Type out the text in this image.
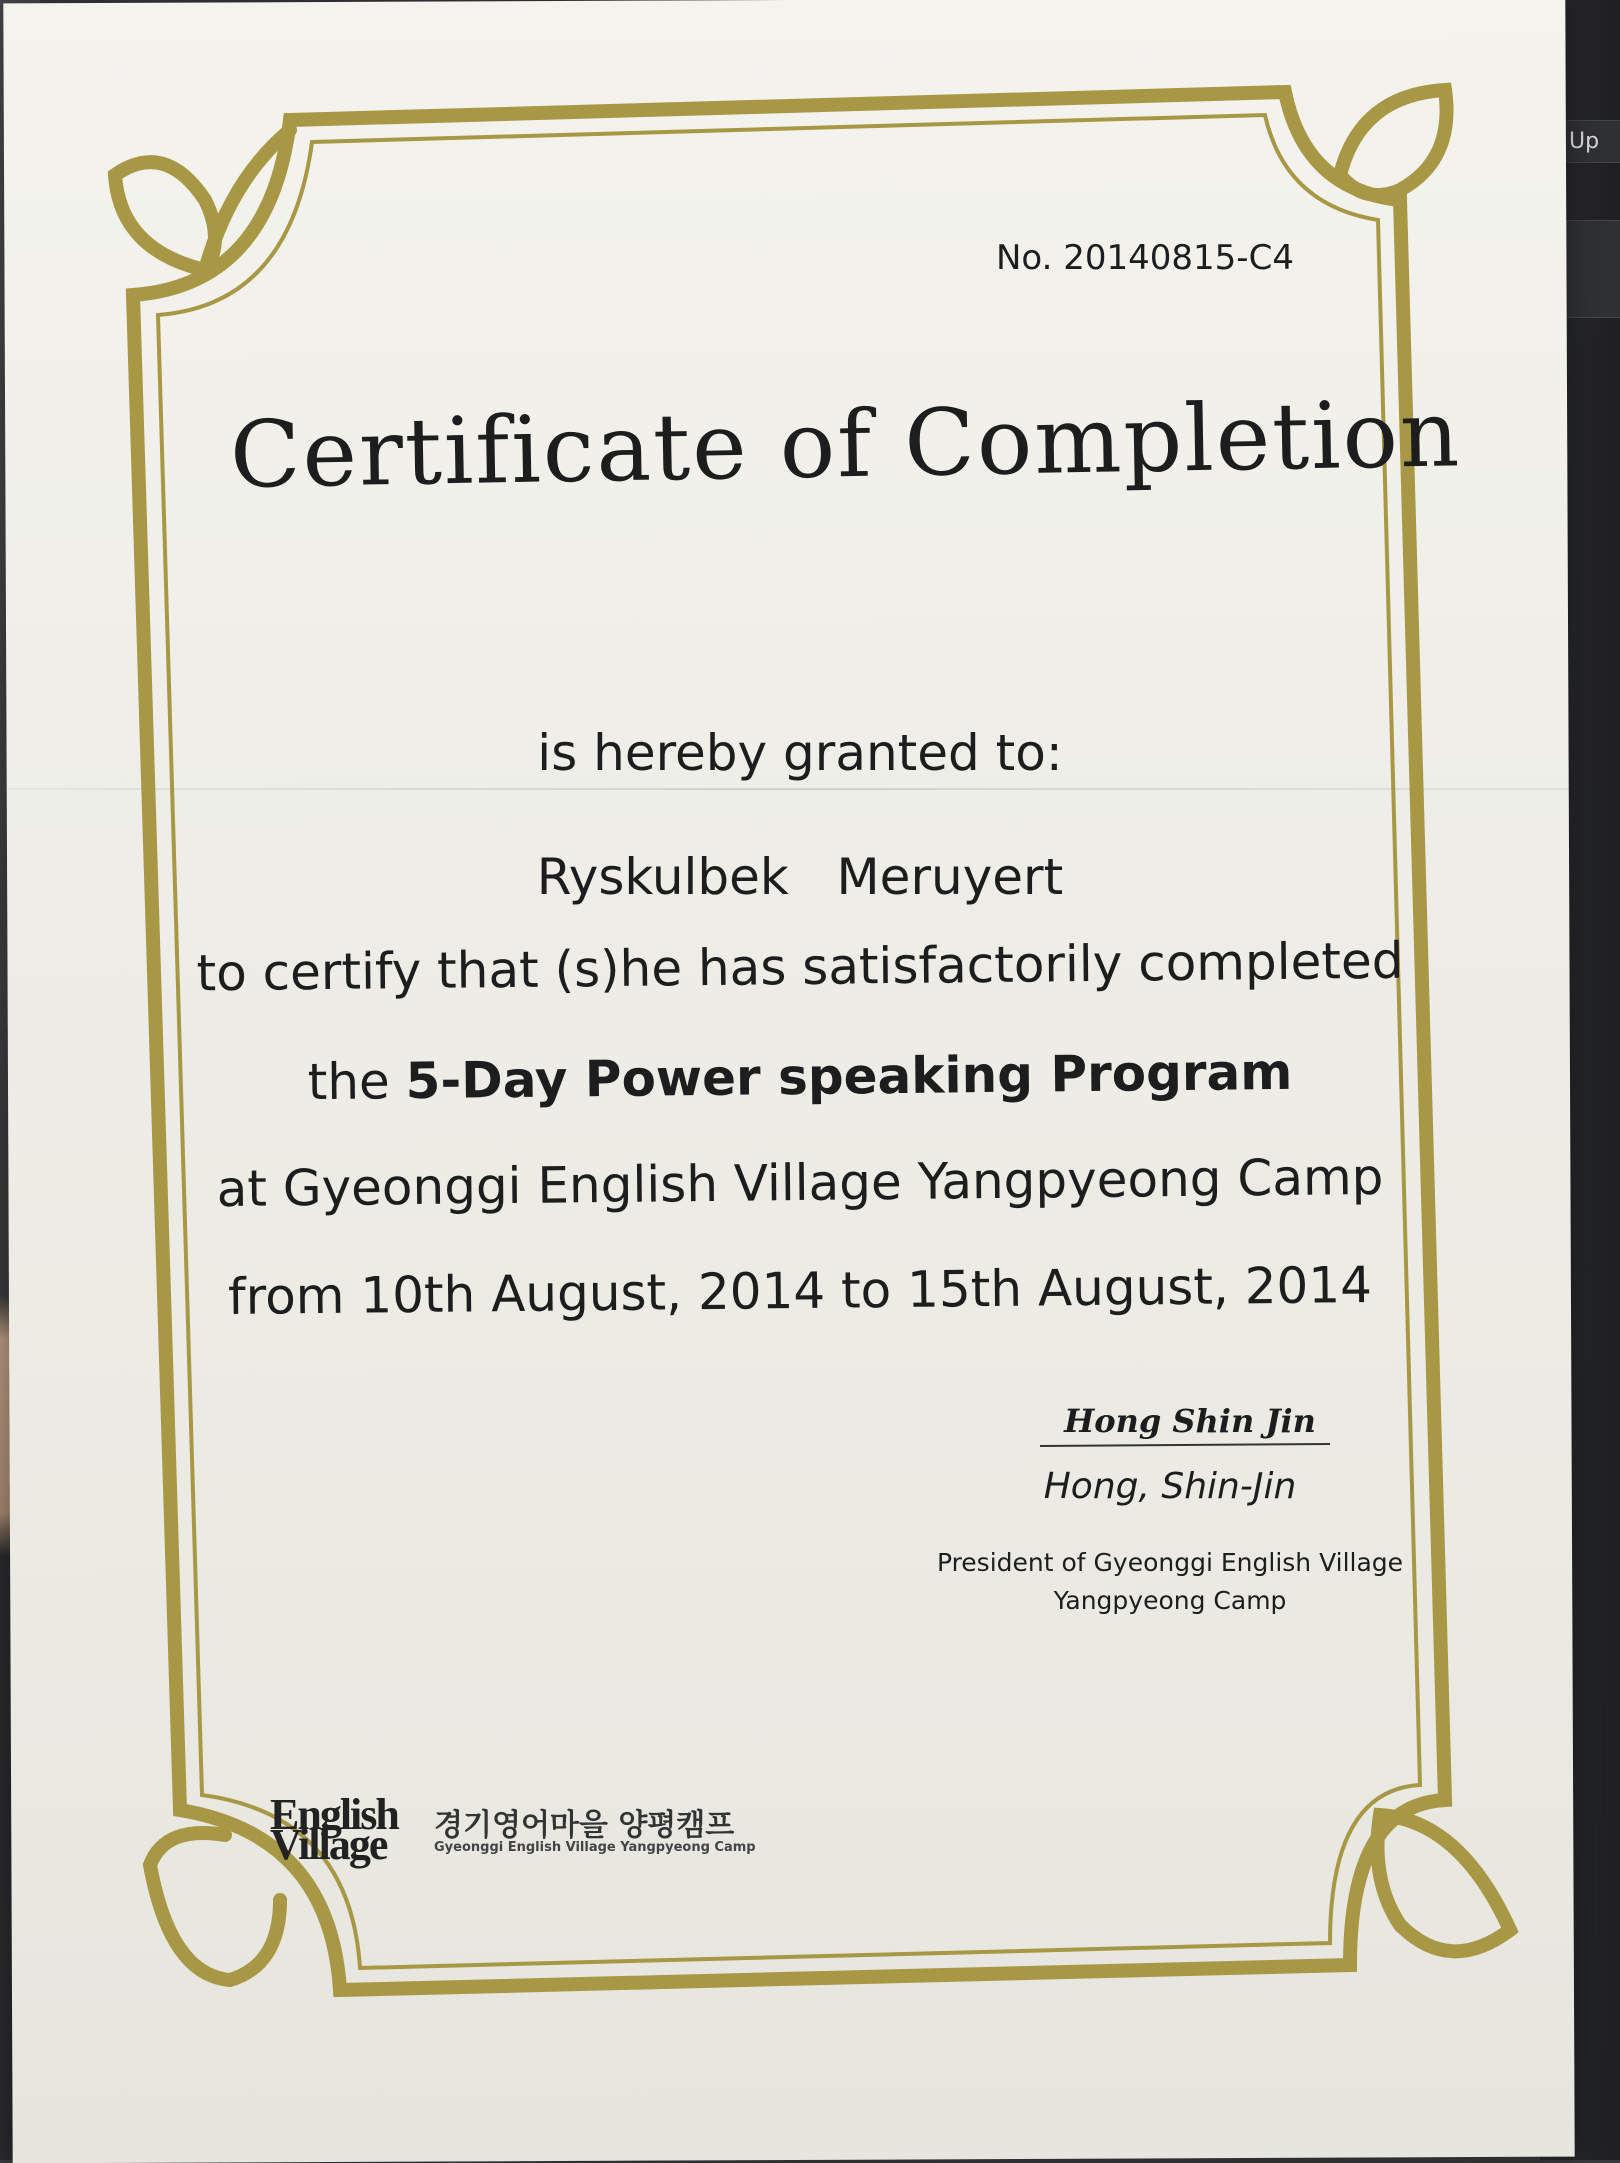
Up
No. 20140815-C4
Certificate of Completion
is hereby granted to:
Ryskulbek   Meruyert
to certify that (s)he has satisfactorily completed
the 5-Day Power speaking Program
at Gyeonggi English Village Yangpyeong Camp
from 10th August, 2014 to 15th August, 2014
Hong Shin Jin
Hong, Shin-Jin
President of Gyeonggi English Village
Yangpyeong Camp
English Village	경기영어마을 양평캠프
Gyeonggi English Village Yangpyeong Camp
